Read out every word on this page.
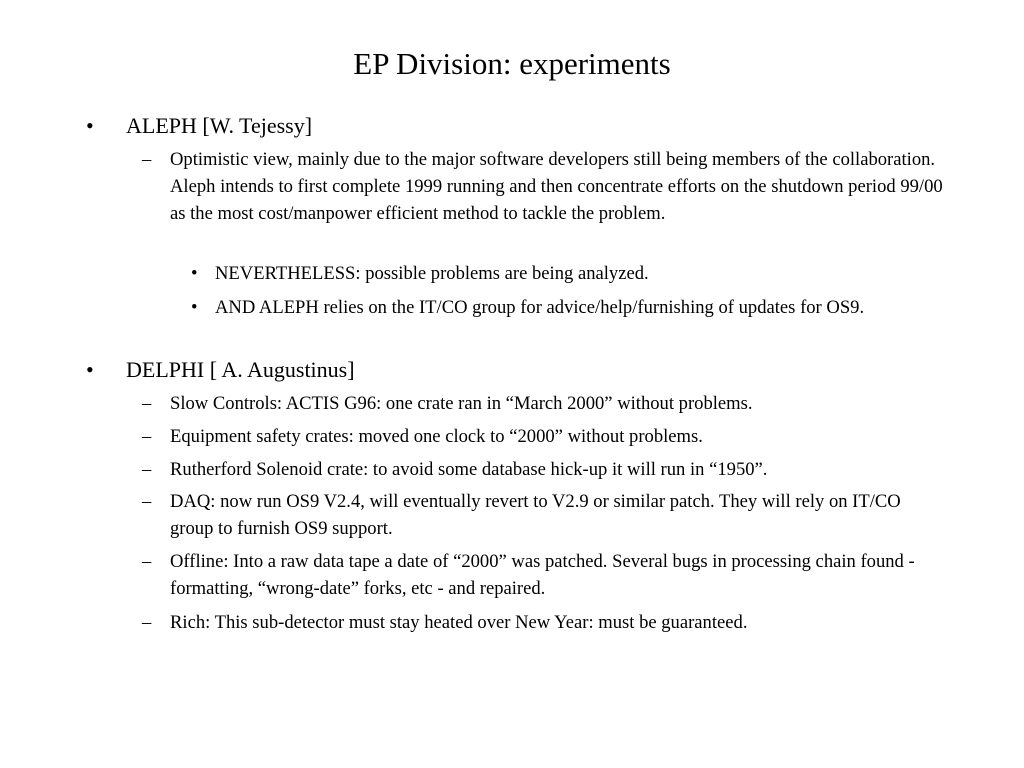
EP Division: experiments
• ALEPH [W. Tejessy]
– Optimistic view, mainly due to the major software developers still being members of the collaboration. Aleph intends to first complete 1999 running and then concentrate efforts on the shutdown period 99/00 as the most cost/manpower efficient method to tackle the problem.
• NEVERTHELESS: possible problems are being analyzed.
• AND ALEPH relies on the IT/CO group for advice/help/furnishing of updates for OS9.
• DELPHI [ A. Augustinus]
– Slow Controls: ACTIS G96: one crate ran in “March 2000” without problems.
– Equipment safety crates: moved one clock to “2000” without problems.
– Rutherford Solenoid crate: to avoid some database hick-up it will run in “1950”.
– DAQ: now run OS9 V2.4, will eventually revert to V2.9 or similar patch. They will rely on IT/CO group to furnish OS9 support.
– Offline: Into a raw data tape a date of “2000” was patched. Several bugs in processing chain found - formatting, “wrong-date” forks, etc - and repaired.
– Rich: This sub-detector must stay heated over New Year: must be guaranteed.
